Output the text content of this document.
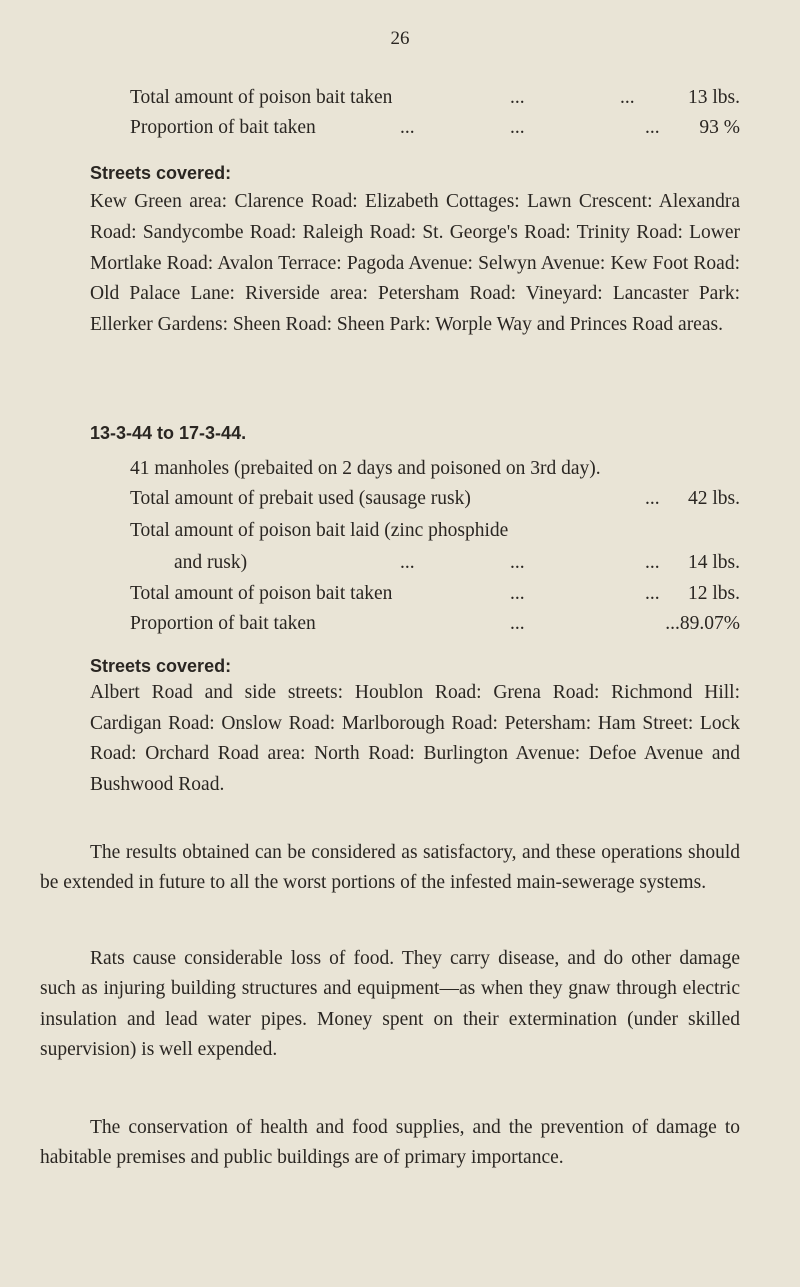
26
Total amount of poison bait taken	...	...	13 lbs.
Proportion of bait taken	...	...	... 93 %
Streets covered:
Kew Green area: Clarence Road: Elizabeth Cottages: Lawn Crescent: Alexandra Road: Sandycombe Road: Raleigh Road: St. George's Road: Trinity Road: Lower Mortlake Road: Avalon Terrace: Pagoda Avenue: Selwyn Avenue: Kew Foot Road: Old Palace Lane: Riverside area: Petersham Road: Vineyard: Lancaster Park: Ellerker Gardens: Sheen Road: Sheen Park: Worple Way and Princes Road areas.
13-3-44 to 17-3-44.
41 manholes (prebaited on 2 days and poisoned on 3rd day).
Total amount of prebait used (sausage rusk)	... 42 lbs.
Total amount of poison bait laid (zinc phosphide
and rusk)	...	...	... 14 lbs.
Total amount of poison bait taken	...	... 12 lbs.
Proportion of bait taken	...	...89.07%
Streets covered:
Albert Road and side streets: Houblon Road: Grena Road: Richmond Hill: Cardigan Road: Onslow Road: Marlborough Road: Petersham: Ham Street: Lock Road: Orchard Road area: North Road: Burlington Avenue: Defoe Avenue and Bushwood Road.
The results obtained can be considered as satisfactory, and these operations should be extended in future to all the worst portions of the infested main-sewerage systems.
Rats cause considerable loss of food. They carry disease, and do other damage such as injuring building structures and equipment—as when they gnaw through electric insulation and lead water pipes. Money spent on their extermination (under skilled supervision) is well expended.
The conservation of health and food supplies, and the prevention of damage to habitable premises and public buildings are of primary importance.
